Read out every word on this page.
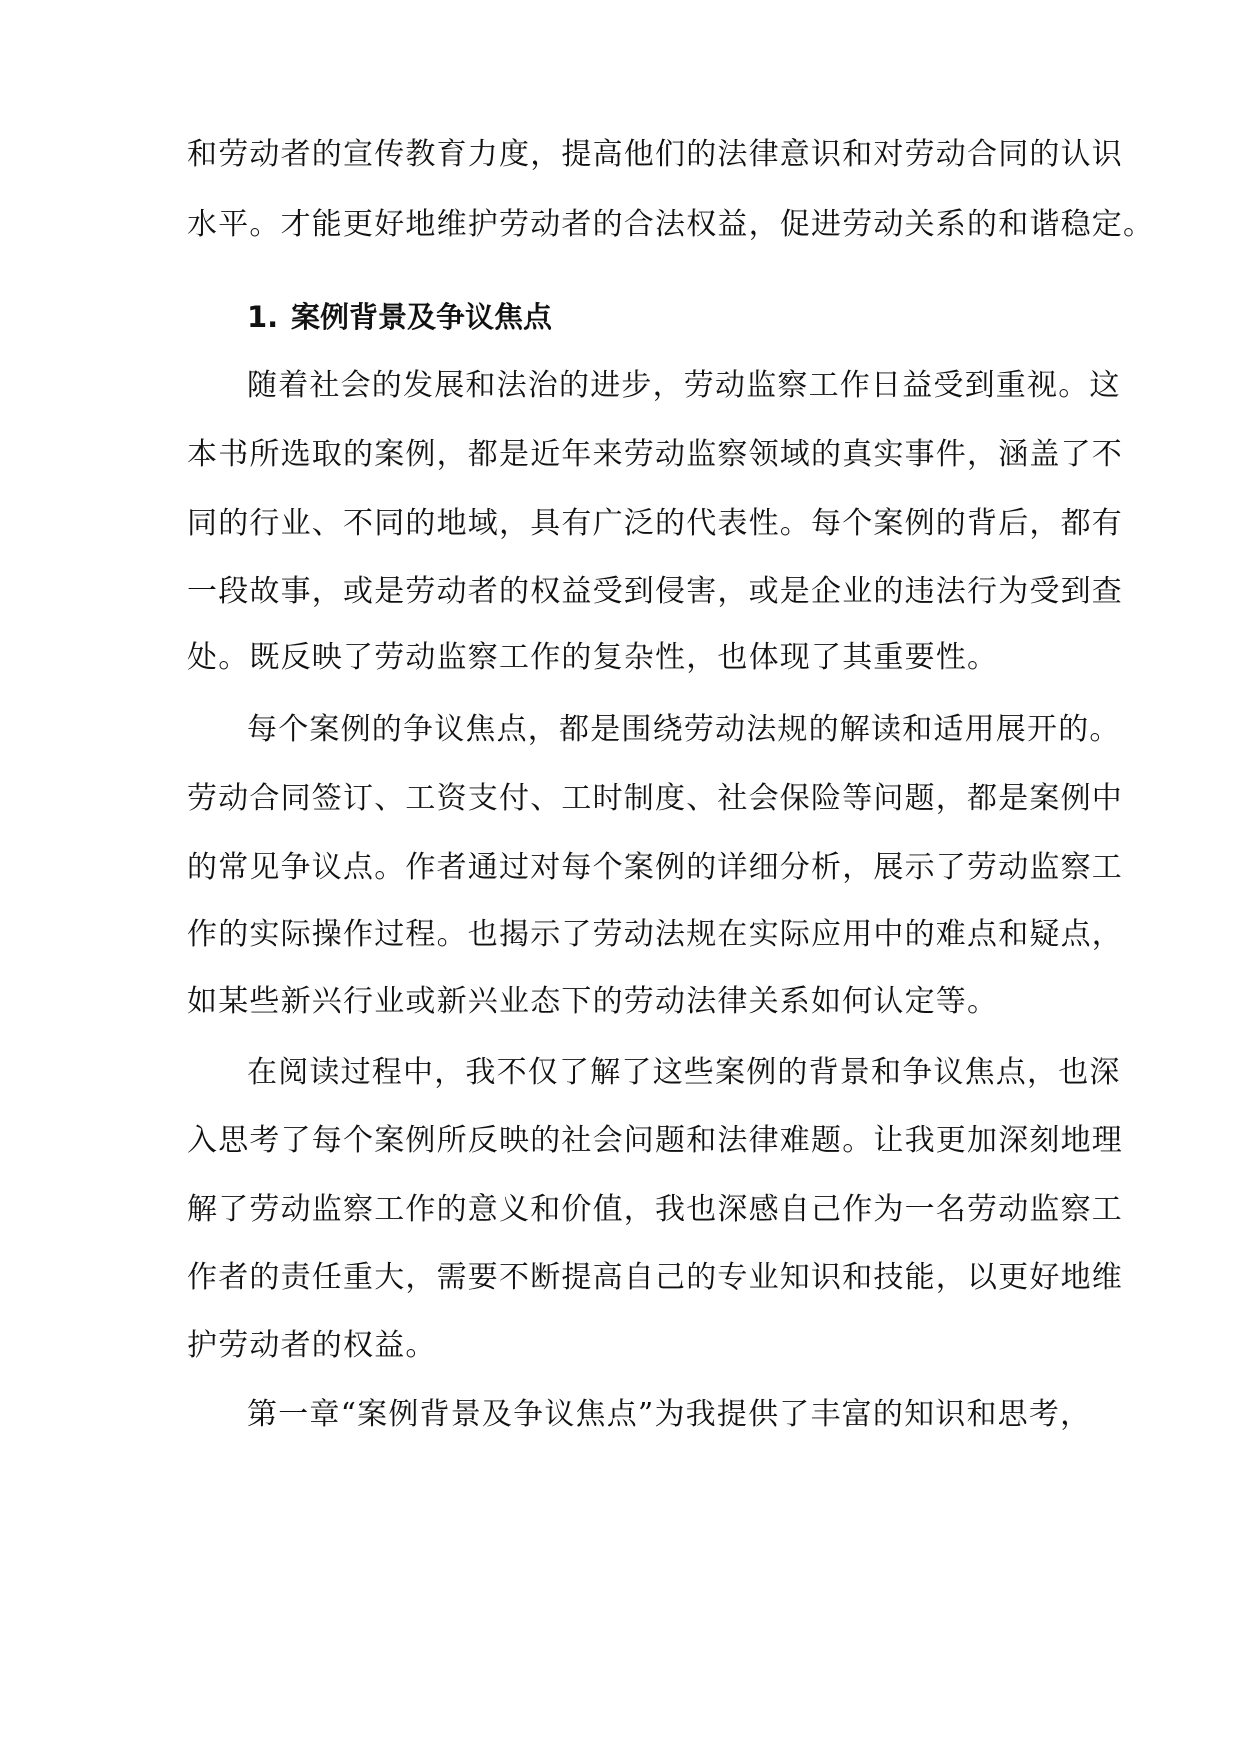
和劳动者的宣传教育力度，提高他们的法律意识和对劳动合同的认识
水平。才能更好地维护劳动者的合法权益，促进劳动关系的和谐稳定。
1. 案例背景及争议焦点
随着社会的发展和法治的进步，劳动监察工作日益受到重视。这
本书所选取的案例，都是近年来劳动监察领域的真实事件，涵盖了不
同的行业、不同的地域，具有广泛的代表性。每个案例的背后，都有
一段故事，或是劳动者的权益受到侵害，或是企业的违法行为受到查
处。既反映了劳动监察工作的复杂性，也体现了其重要性。
每个案例的争议焦点，都是围绕劳动法规的解读和适用展开的。
劳动合同签订、工资支付、工时制度、社会保险等问题，都是案例中
的常见争议点。作者通过对每个案例的详细分析，展示了劳动监察工
作的实际操作过程。也揭示了劳动法规在实际应用中的难点和疑点，
如某些新兴行业或新兴业态下的劳动法律关系如何认定等。
在阅读过程中，我不仅了解了这些案例的背景和争议焦点，也深
入思考了每个案例所反映的社会问题和法律难题。让我更加深刻地理
解了劳动监察工作的意义和价值，我也深感自己作为一名劳动监察工
作者的责任重大，需要不断提高自己的专业知识和技能，以更好地维
护劳动者的权益。
第一章“案例背景及争议焦点”为我提供了丰富的知识和思考，
